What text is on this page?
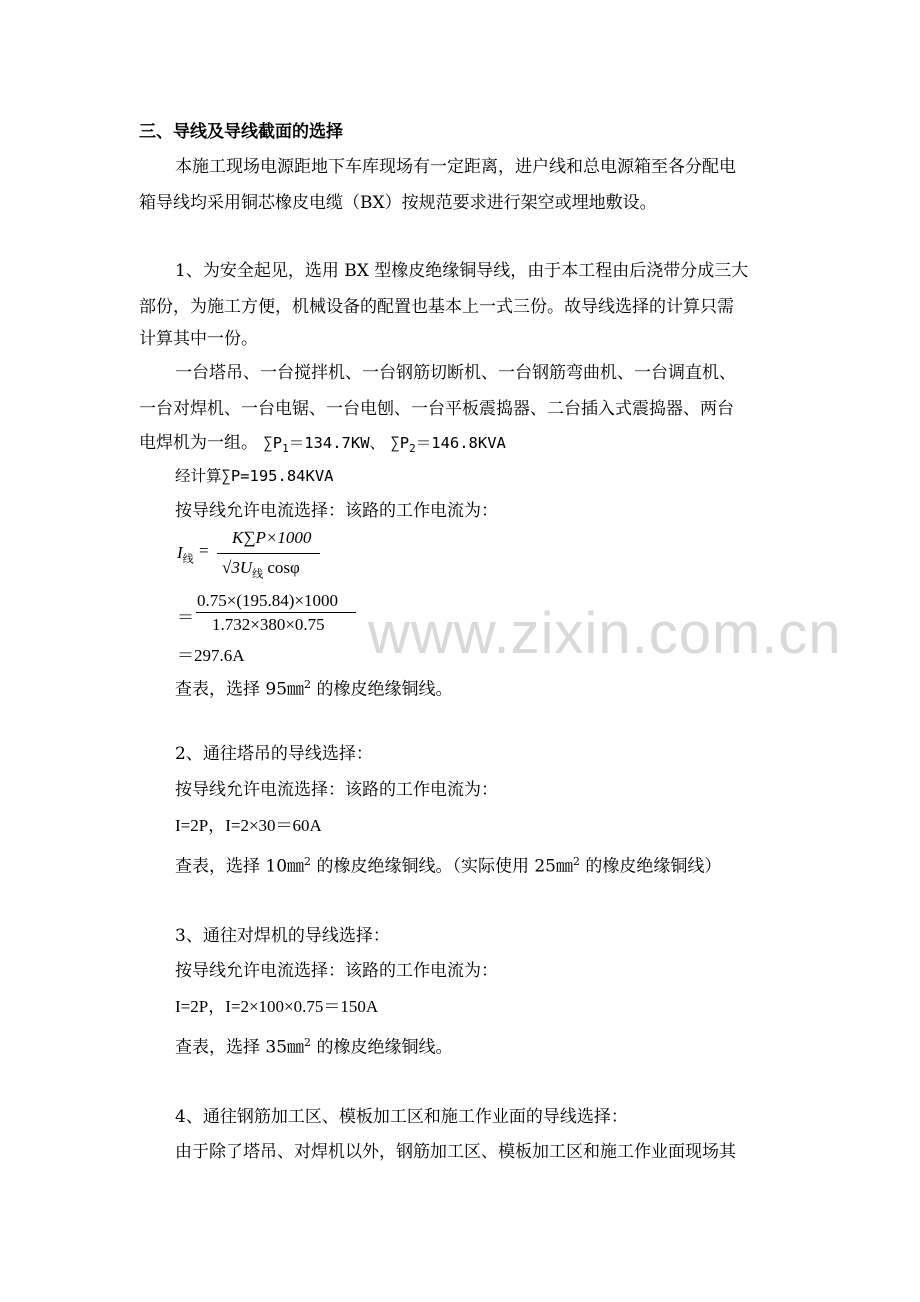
三、导线及导线截面的选择
本施工现场电源距地下车库现场有一定距离，进户线和总电源箱至各分配电
箱导线均采用铜芯橡皮电缆（BX）按规范要求进行架空或埋地敷设。
1、为安全起见，选用 BX 型橡皮绝缘铜导线，由于本工程由后浇带分成三大
部份，为施工方便，机械设备的配置也基本上一式三份。故导线选择的计算只需
计算其中一份。
一台塔吊、一台搅拌机、一台钢筋切断机、一台钢筋弯曲机、一台调直机、
一台对焊机、一台电锯、一台电刨、一台平板震捣器、二台插入式震捣器、两台
电焊机为一组。 $\sum P_1=134.7KW$、 $\sum P_2=146.8KVA$
经计算∑P=195.84KVA
按导线允许电流选择：该路的工作电流为：
$I_线$ =
K∑P×1000
$√3U_线$ cosφ
＝
0.75×(195.84)×1000
1.732×380×0.75
＝297.6A
查表，选择 95㎜$^2$ 的橡皮绝缘铜线。
2、通往塔吊的导线选择：
按导线允许电流选择：该路的工作电流为：
I=2P，I=2×30＝60A
查表，选择 10㎜$^2$ 的橡皮绝缘铜线。（实际使用 25㎜$^2$ 的橡皮绝缘铜线）
3、通往对焊机的导线选择：
按导线允许电流选择：该路的工作电流为：
I=2P，I=2×100×0.75＝150A
查表，选择 35㎜$^2$ 的橡皮绝缘铜线。
4、通往钢筋加工区、模板加工区和施工作业面的导线选择：
由于除了塔吊、对焊机以外，钢筋加工区、模板加工区和施工作业面现场其
www.zixin.com.cn
